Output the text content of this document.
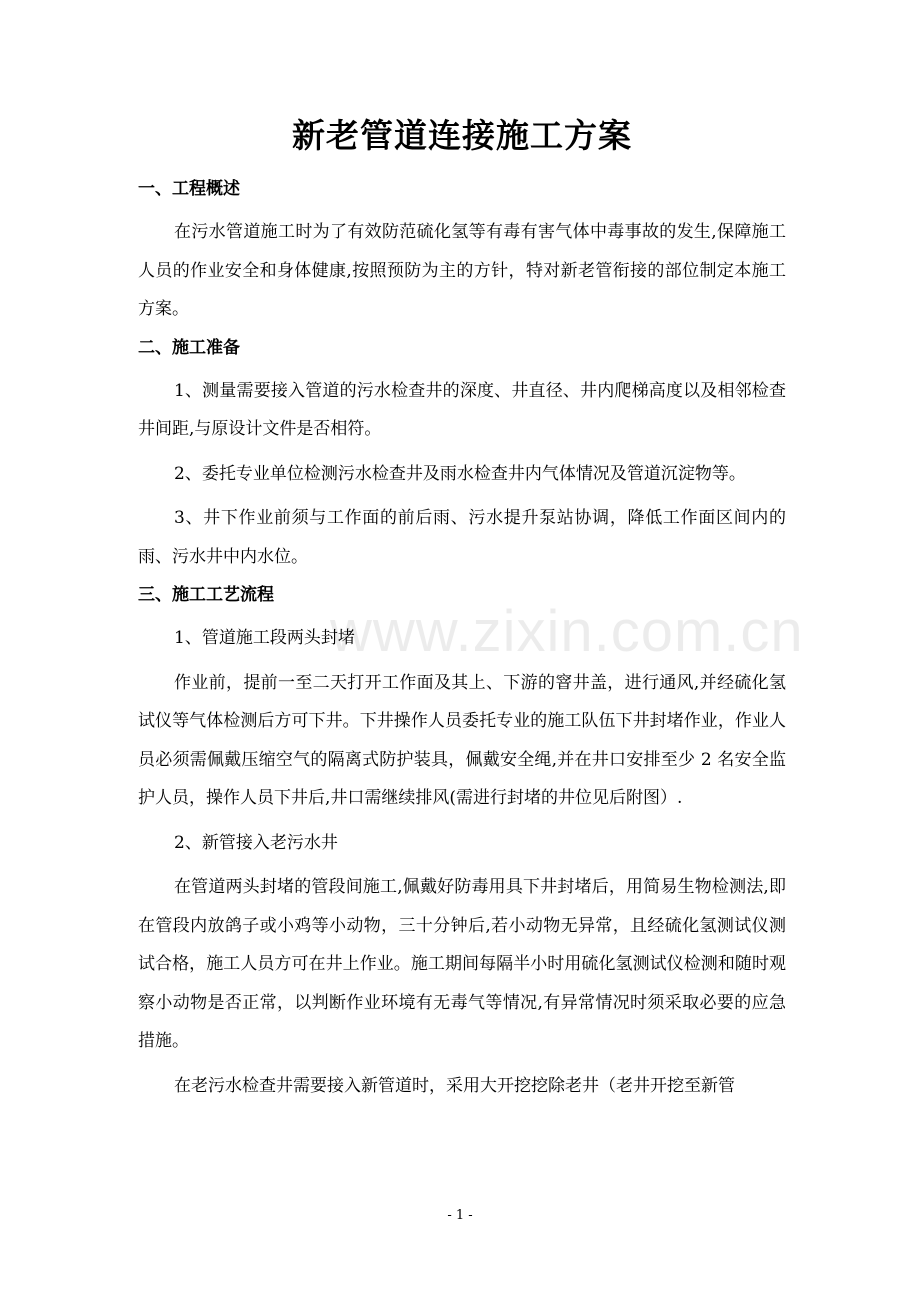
www.zixin.com.cn
新老管道连接施工方案
一、工程概述
在污水管道施工时为了有效防范硫化氢等有毒有害气体中毒事故的发生,保障施工人员的作业安全和身体健康,按照预防为主的方针，特对新老管衔接的部位制定本施工方案。
二、施工准备
1、测量需要接入管道的污水检查井的深度、井直径、井内爬梯高度以及相邻检查井间距,与原设计文件是否相符。
2、委托专业单位检测污水检查井及雨水检查井内气体情况及管道沉淀物等。
3、井下作业前须与工作面的前后雨、污水提升泵站协调，降低工作面区间内的雨、污水井中内水位。
三、施工工艺流程
1、管道施工段两头封堵
作业前，提前一至二天打开工作面及其上、下游的窨井盖，进行通风,并经硫化氢试仪等气体检测后方可下井。下井操作人员委托专业的施工队伍下井封堵作业，作业人员必须需佩戴压缩空气的隔离式防护装具，佩戴安全绳,并在井口安排至少 2 名安全监护人员，操作人员下井后,井口需继续排风(需进行封堵的井位见后附图）.
2、新管接入老污水井
在管道两头封堵的管段间施工,佩戴好防毒用具下井封堵后，用简易生物检测法,即在管段内放鸽子或小鸡等小动物，三十分钟后,若小动物无异常，且经硫化氢测试仪测试合格，施工人员方可在井上作业。施工期间每隔半小时用硫化氢测试仪检测和随时观察小动物是否正常，以判断作业环境有无毒气等情况,有异常情况时须采取必要的应急措施。
在老污水检查井需要接入新管道时，采用大开挖挖除老井（老井开挖至新管
- 1 -
